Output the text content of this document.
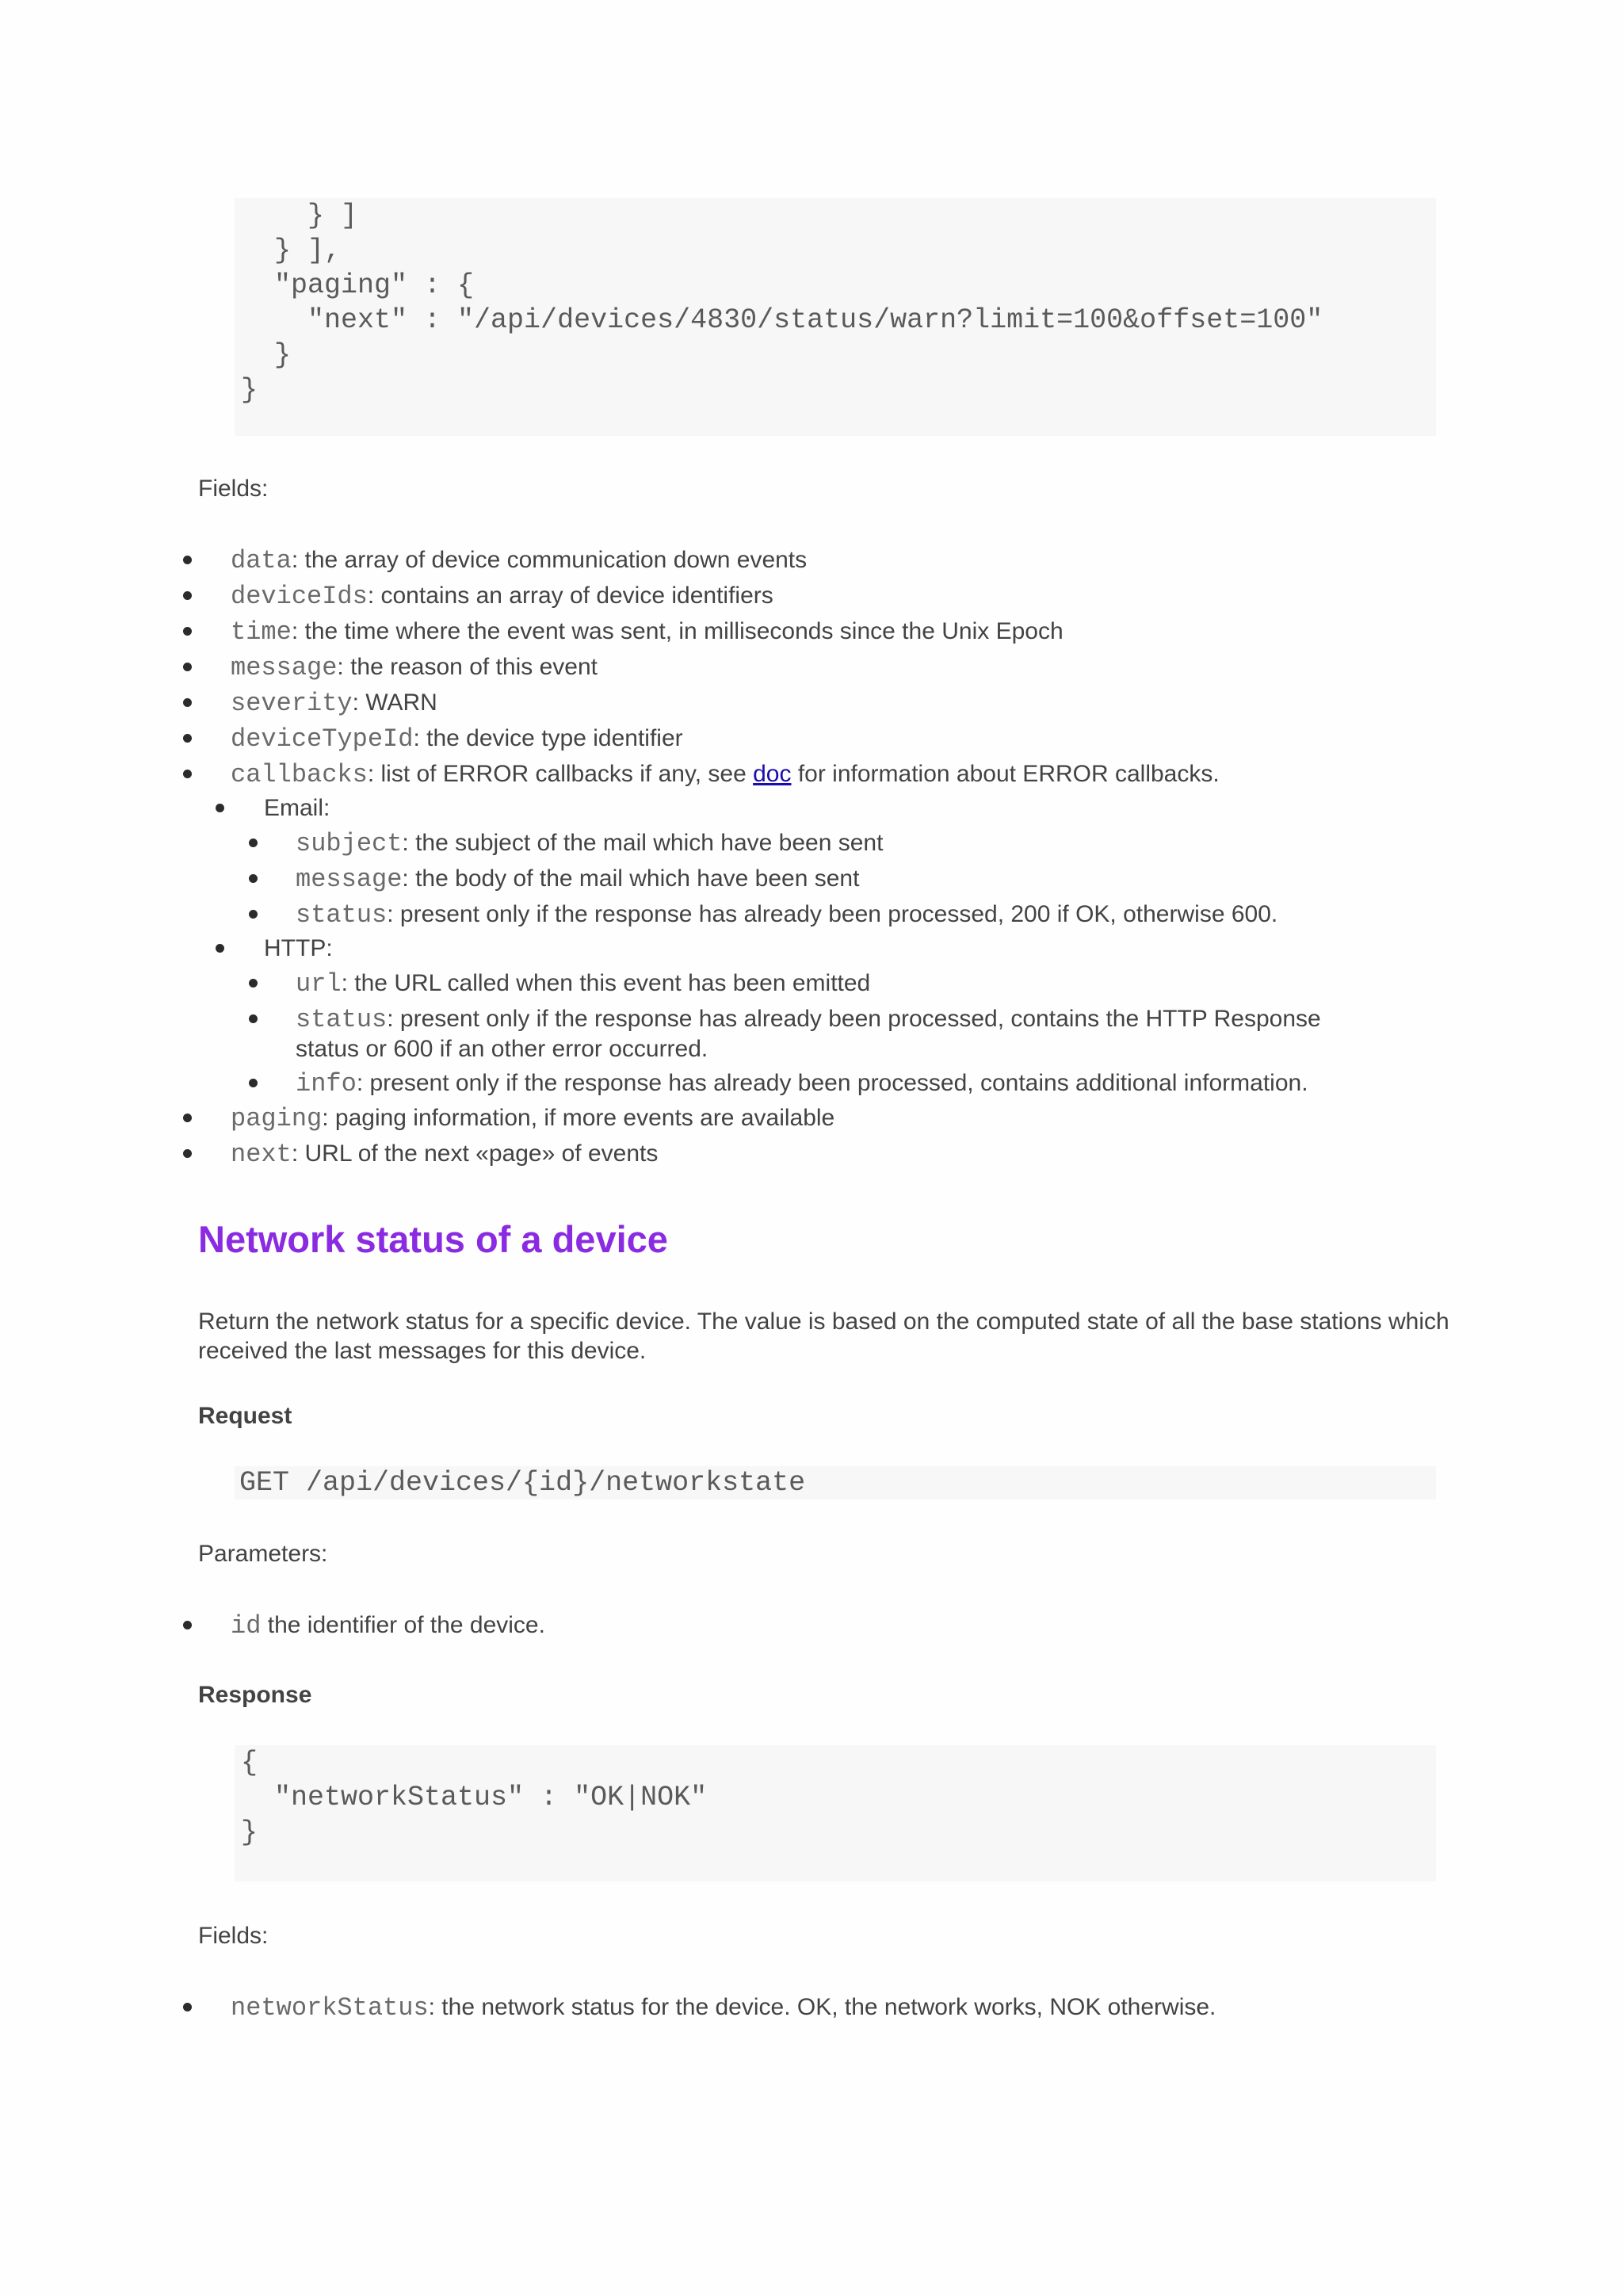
} ]
} ],
"paging" : {
"next" : "/api/devices/4830/status/warn?limit=100&offset=100"
}
}
Fields:
data: the array of device communication down events
deviceIds: contains an array of device identifiers
time: the time where the event was sent, in milliseconds since the Unix Epoch
message: the reason of this event
severity: WARN
deviceTypeId: the device type identifier
callbacks: list of ERROR callbacks if any, see doc for information about ERROR callbacks.
Email:
subject: the subject of the mail which have been sent
message: the body of the mail which have been sent
status: present only if the response has already been processed, 200 if OK, otherwise 600.
HTTP:
url: the URL called when this event has been emitted
status: present only if the response has already been processed, contains the HTTP Response status or 600 if an other error occurred.
info: present only if the response has already been processed, contains additional information.
paging: paging information, if more events are available
next: URL of the next «page» of events
Network status of a device
Return the network status for a specific device. The value is based on the computed state of all the base stations which received the last messages for this device.
Request
GET /api/devices/{id}/networkstate
Parameters:
id the identifier of the device.
Response
{
"networkStatus" : "OK|NOK"
}
Fields:
networkStatus: the network status for the device. OK, the network works, NOK otherwise.
